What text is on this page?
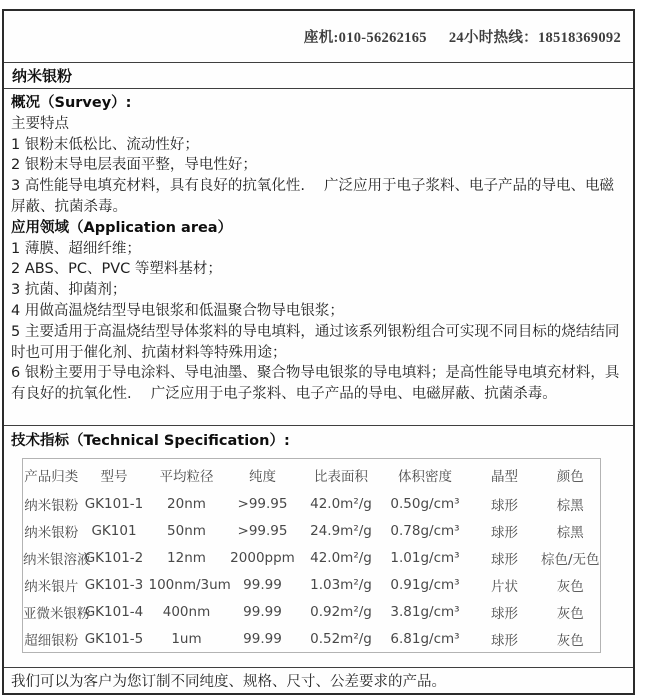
座机:010-56262165 24小时热线：18518369092
纳米银粉
概况（Survey）:
主要特点
1 银粉末低松比、流动性好；
2 银粉末导电层表面平整，导电性好；
3 高性能导电填充材料，具有良好的抗氧化性.　 广泛应用于电子浆料、电子产品的导电、电磁屏蔽、抗菌杀毒。
应用领域（Application area）
1 薄膜、超细纤维；
2 ABS、PC、PVC 等塑料基材；
3 抗菌、抑菌剂；
4 用做高温烧结型导电银浆和低温聚合物导电银浆；
5 主要适用于高温烧结型导体浆料的导电填料，通过该系列银粉组合可实现不同目标的烧结结同时也可用于催化剂、抗菌材料等特殊用途；
6 银粉主要用于导电涂料、导电油墨、聚合物导电银浆的导电填料；是高性能导电填充材料，具有良好的抗氧化性.　 广泛应用于电子浆料、电子产品的导电、电磁屏蔽、抗菌杀毒。
技术指标（Technical Specification）:
产品归类	型号	平均粒径	纯度	比表面积	体积密度	晶型	颜色
纳米银粉	GK101-1	20nm	>99.95	42.0m²/g	0.50g/cm³	球形	棕黑
纳米银粉	GK101	50nm	>99.95	24.9m²/g	0.78g/cm³	球形	棕黑
纳米银溶液	GK101-2	12nm	2000ppm	42.0m²/g	1.01g/cm³	球形	棕色/无色
纳米银片	GK101-3	100nm/3um	99.99	1.03m²/g	0.91g/cm³	片状	灰色
亚微米银粉	GK101-4	400nm	99.99	0.92m²/g	3.81g/cm³	球形	灰色
超细银粉	GK101-5	1um	99.99	0.52m²/g	6.81g/cm³	球形	灰色
我们可以为客户为您订制不同纯度、规格、尺寸、公差要求的产品。
